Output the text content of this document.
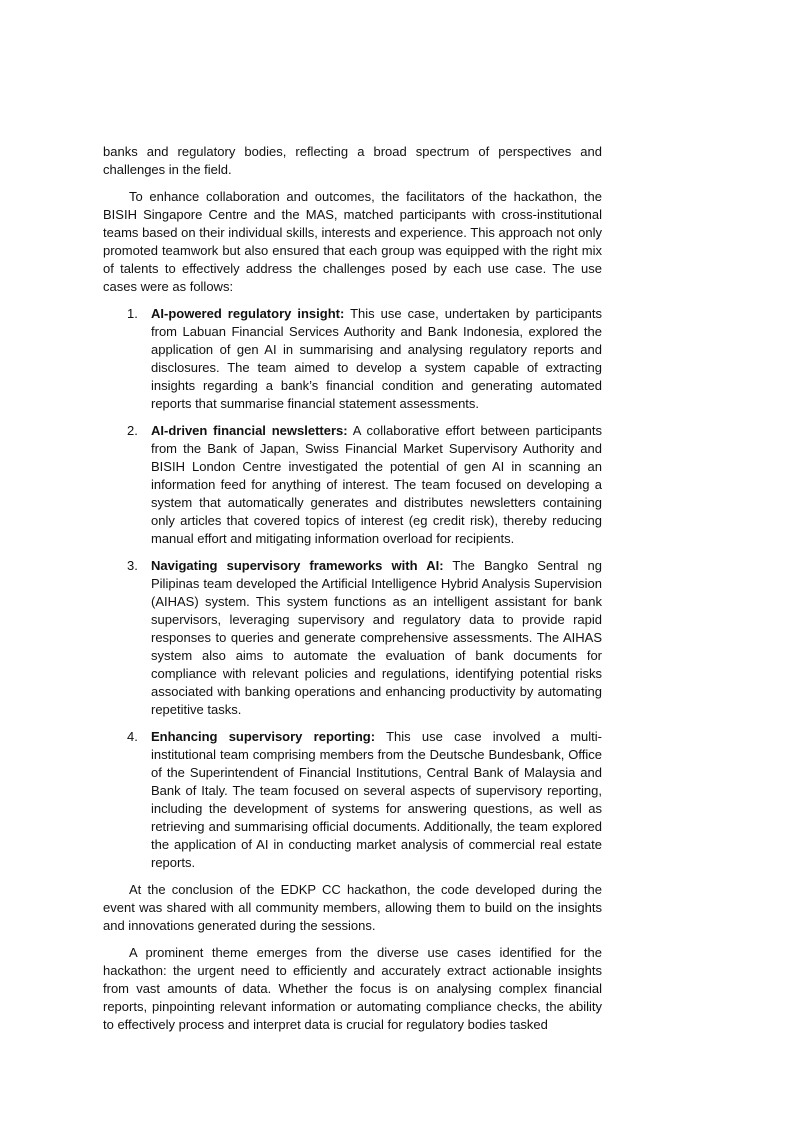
banks and regulatory bodies, reflecting a broad spectrum of perspectives and challenges in the field.

To enhance collaboration and outcomes, the facilitators of the hackathon, the BISIH Singapore Centre and the MAS, matched participants with cross-institutional teams based on their individual skills, interests and experience. This approach not only promoted teamwork but also ensured that each group was equipped with the right mix of talents to effectively address the challenges posed by each use case. The use cases were as follows:

1. AI-powered regulatory insight: This use case, undertaken by participants from Labuan Financial Services Authority and Bank Indonesia, explored the application of gen AI in summarising and analysing regulatory reports and disclosures. The team aimed to develop a system capable of extracting insights regarding a bank’s financial condition and generating automated reports that summarise financial statement assessments.
2. AI-driven financial newsletters: A collaborative effort between participants from the Bank of Japan, Swiss Financial Market Supervisory Authority and BISIH London Centre investigated the potential of gen AI in scanning an information feed for anything of interest. The team focused on developing a system that automatically generates and distributes newsletters containing only articles that covered topics of interest (eg credit risk), thereby reducing manual effort and mitigating information overload for recipients.
3. Navigating supervisory frameworks with AI: The Bangko Sentral ng Pilipinas team developed the Artificial Intelligence Hybrid Analysis Supervision (AIHAS) system. This system functions as an intelligent assistant for bank supervisors, leveraging supervisory and regulatory data to provide rapid responses to queries and generate comprehensive assessments. The AIHAS system also aims to automate the evaluation of bank documents for compliance with relevant policies and regulations, identifying potential risks associated with banking operations and enhancing productivity by automating repetitive tasks.
4. Enhancing supervisory reporting: This use case involved a multi-institutional team comprising members from the Deutsche Bundesbank, Office of the Superintendent of Financial Institutions, Central Bank of Malaysia and Bank of Italy. The team focused on several aspects of supervisory reporting, including the development of systems for answering questions, as well as retrieving and summarising official documents. Additionally, the team explored the application of AI in conducting market analysis of commercial real estate reports.

At the conclusion of the EDKP CC hackathon, the code developed during the event was shared with all community members, allowing them to build on the insights and innovations generated during the sessions.

A prominent theme emerges from the diverse use cases identified for the hackathon: the urgent need to efficiently and accurately extract actionable insights from vast amounts of data. Whether the focus is on analysing complex financial reports, pinpointing relevant information or automating compliance checks, the ability to effectively process and interpret data is crucial for regulatory bodies tasked
